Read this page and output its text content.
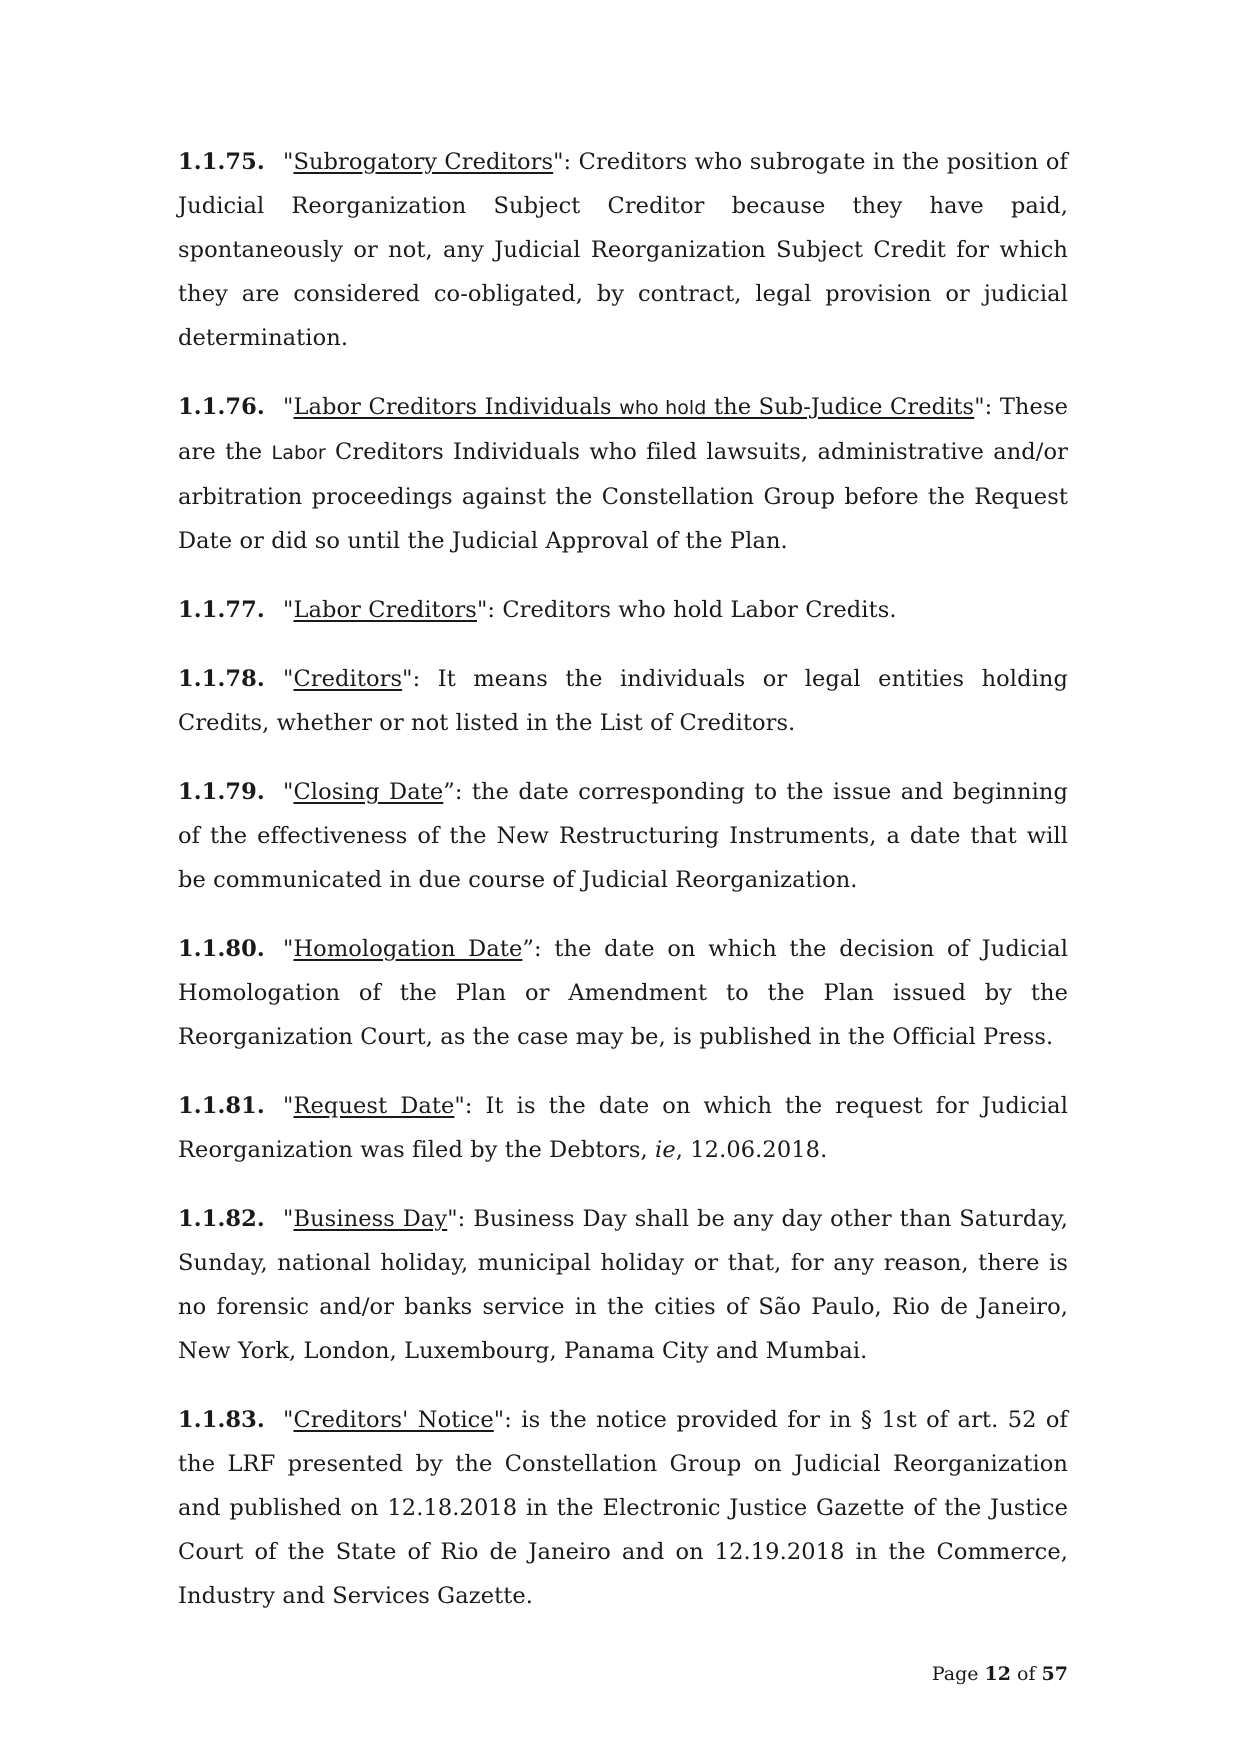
1.1.75. "Subrogatory Creditors": Creditors who subrogate in the position of Judicial Reorganization Subject Creditor because they have paid, spontaneously or not, any Judicial Reorganization Subject Credit for which they are considered co-obligated, by contract, legal provision or judicial determination.

1.1.76. "Labor Creditors Individuals who hold the Sub-Judice Credits": These are the Labor Creditors Individuals who filed lawsuits, administrative and/or arbitration proceedings against the Constellation Group before the Request Date or did so until the Judicial Approval of the Plan.

1.1.77. "Labor Creditors": Creditors who hold Labor Credits.

1.1.78. "Creditors": It means the individuals or legal entities holding Credits, whether or not listed in the List of Creditors.

1.1.79. "Closing Date”: the date corresponding to the issue and beginning of the effectiveness of the New Restructuring Instruments, a date that will be communicated in due course of Judicial Reorganization.

1.1.80. "Homologation Date”: the date on which the decision of Judicial Homologation of the Plan or Amendment to the Plan issued by the Reorganization Court, as the case may be, is published in the Official Press.

1.1.81. "Request Date": It is the date on which the request for Judicial Reorganization was filed by the Debtors, ie, 12.06.2018.

1.1.82. "Business Day": Business Day shall be any day other than Saturday, Sunday, national holiday, municipal holiday or that, for any reason, there is no forensic and/or banks service in the cities of São Paulo, Rio de Janeiro, New York, London, Luxembourg, Panama City and Mumbai.

1.1.83. "Creditors' Notice": is the notice provided for in § 1st of art. 52 of the LRF presented by the Constellation Group on Judicial Reorganization and published on 12.18.2018 in the Electronic Justice Gazette of the Justice Court of the State of Rio de Janeiro and on 12.19.2018 in the Commerce, Industry and Services Gazette.

Page 12 of 57
